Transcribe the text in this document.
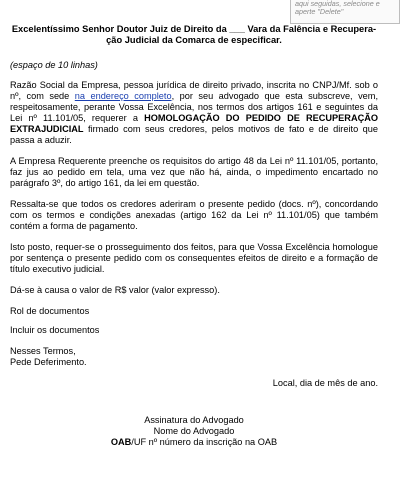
aqui seguidas, selecione e
aperte "Delete"
Excelentíssimo Senhor Doutor Juiz de Direito da ___ Vara da Falência e Recupera-
ção Judicial da Comarca de especificar.
(espaço de 10 linhas)

Razão Social da Empresa, pessoa jurídica de direito privado, inscrita no CNPJ/Mf. sob o nº, com sede na endereço completo, por seu advogado que esta subscreve, vem, respeitosamente, perante Vossa Excelência, nos termos dos artigos 161 e seguintes da Lei nº 11.101/05, requerer a HOMOLOGAÇÃO DO PEDIDO DE RECUPERAÇÃO EXTRAJUDICIAL firmado com seus credores, pelos motivos de fato e de direito que passa a aduzir.

A Empresa Requerente preenche os requisitos do artigo 48 da Lei nº 11.101/05, portanto, faz jus ao pedido em tela, uma vez que não há, ainda, o impedimento encartado no parágrafo 3º, do artigo 161, da lei em questão.

Ressalta-se que todos os credores aderiram o presente pedido (docs. nº), concordando com os termos e condições anexadas (artigo 162 da Lei nº 11.101/05) que também contém a forma de pagamento.

Isto posto, requer-se o prosseguimento dos feitos, para que Vossa Excelência homologue por sentença o presente pedido com os consequentes efeitos de direito e a formação de título executivo judicial.

Dá-se à causa o valor de R$ valor (valor expresso).

Rol de documentos

Incluir os documentos

Nesses Termos,

Pede Deferimento.

Local, dia de mês de ano.

Assinatura do Advogado
Nome do Advogado
OAB/UF nº número da inscrição na OAB
